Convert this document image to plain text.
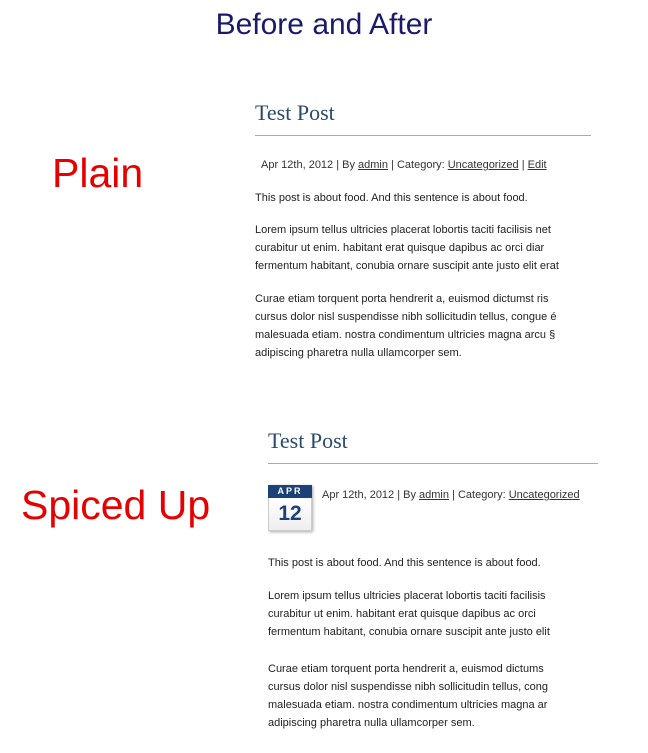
Before and After
Plain
Spiced Up
Test Post
Apr 12th, 2012 | By admin | Category: Uncategorized | Edit

This post is about food. And this sentence is about food.

Lorem ipsum tellus ultricies placerat lobortis taciti facilisis net
curabitur ut enim. habitant erat quisque dapibus ac orci diar
fermentum habitant, conubia ornare suscipit ante justo elit erat

Curae etiam torquent porta hendrerit a, euismod dictumst ris
cursus dolor nisl suspendisse nibh sollicitudin tellus, congue é
malesuada etiam. nostra condimentum ultricies magna arcu §
adipiscing pharetra nulla ullamcorper sem.

Test Post
APR
12
Apr 12th, 2012 | By admin | Category: Uncategorized

This post is about food. And this sentence is about food.

Lorem ipsum tellus ultricies placerat lobortis taciti facilisis
curabitur ut enim. habitant erat quisque dapibus ac orci
fermentum habitant, conubia ornare suscipit ante justo elit

Curae etiam torquent porta hendrerit a, euismod dictums
cursus dolor nisl suspendisse nibh sollicitudin tellus, cong
malesuada etiam. nostra condimentum ultricies magna ar
adipiscing pharetra nulla ullamcorper sem.
